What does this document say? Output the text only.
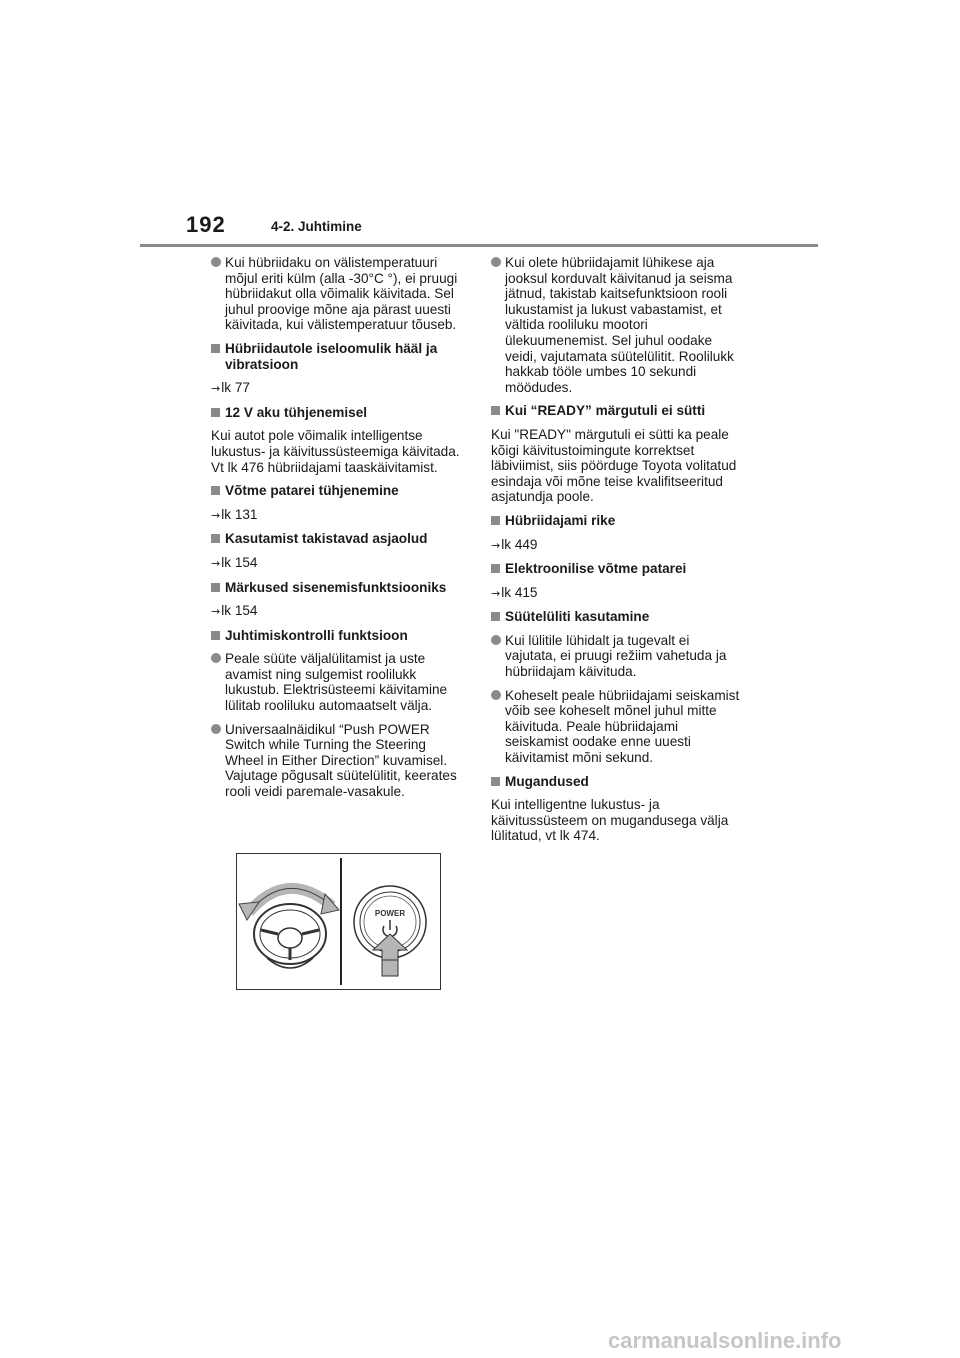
192	4-2. Juhtimine
Kui hübriidaku on välistemperatuuri mõjul eriti külm (alla -30°C °), ei pruugi hübriidakut olla võimalik käivitada. Sel juhul proovige mõne aja pärast uuesti käivitada, kui välistemperatuur tõuseb.
Hübriidautole iseloomulik hääl ja vibratsioon
→lk 77
12 V aku tühjenemisel
Kui autot pole võimalik intelligentse lukustus- ja käivitussüsteemiga käivitada. Vt lk 476 hübriidajami taaskäivitamist.
Võtme patarei tühjenemine
→lk 131
Kasutamist takistavad asjaolud
→lk 154
Märkused sisenemisfunktsiooniks
→lk 154
Juhtimiskontrolli funktsioon
Peale süüte väljalülitamist ja uste avamist ning sulgemist roolilukk lukustub. Elektrisüsteemi käivitamine lülitab rooliluku automaatselt välja.
Universaalnäidikul “Push POWER Switch while Turning the Steering Wheel in Either Direction” kuvamisel. Vajutage põgusalt süütelülitit, keerates rooli veidi paremale-vasakule.
Kui olete hübriidajamit lühikese aja jooksul korduvalt käivitanud ja seisma jätnud, takistab kaitsefunktsioon rooli lukustamist ja lukust vabastamist, et vältida rooliluku mootori ülekuumenemist. Sel juhul oodake veidi, vajutamata süütelülitit. Roolilukk hakkab tööle umbes 10 sekundi möödudes.
Kui “READY” märgutuli ei sütti
Kui "READY" märgutuli ei sütti ka peale kõigi käivitustoimingute korrektset läbiviimist, siis pöörduge Toyota volitatud esindaja või mõne teise kvalifitseeritud asjatundja poole.
Hübriidajami rike
→lk 449
Elektroonilise võtme patarei
→lk 415
Süütelüliti kasutamine
Kui lülitile lühidalt ja tugevalt ei vajutata, ei pruugi režiim vahetuda ja hübriidajam käivituda.
Koheselt peale hübriidajami seiskamist võib see koheselt mõnel juhul mitte käivituda. Peale hübriidajami seiskamist oodake enne uuesti käivitamist mõni sekund.
Mugandused
Kui intelligentne lukustus- ja käivitussüsteem on mugandusega välja lülitatud, vt lk 474.
POWER
carmanualsonline.info
